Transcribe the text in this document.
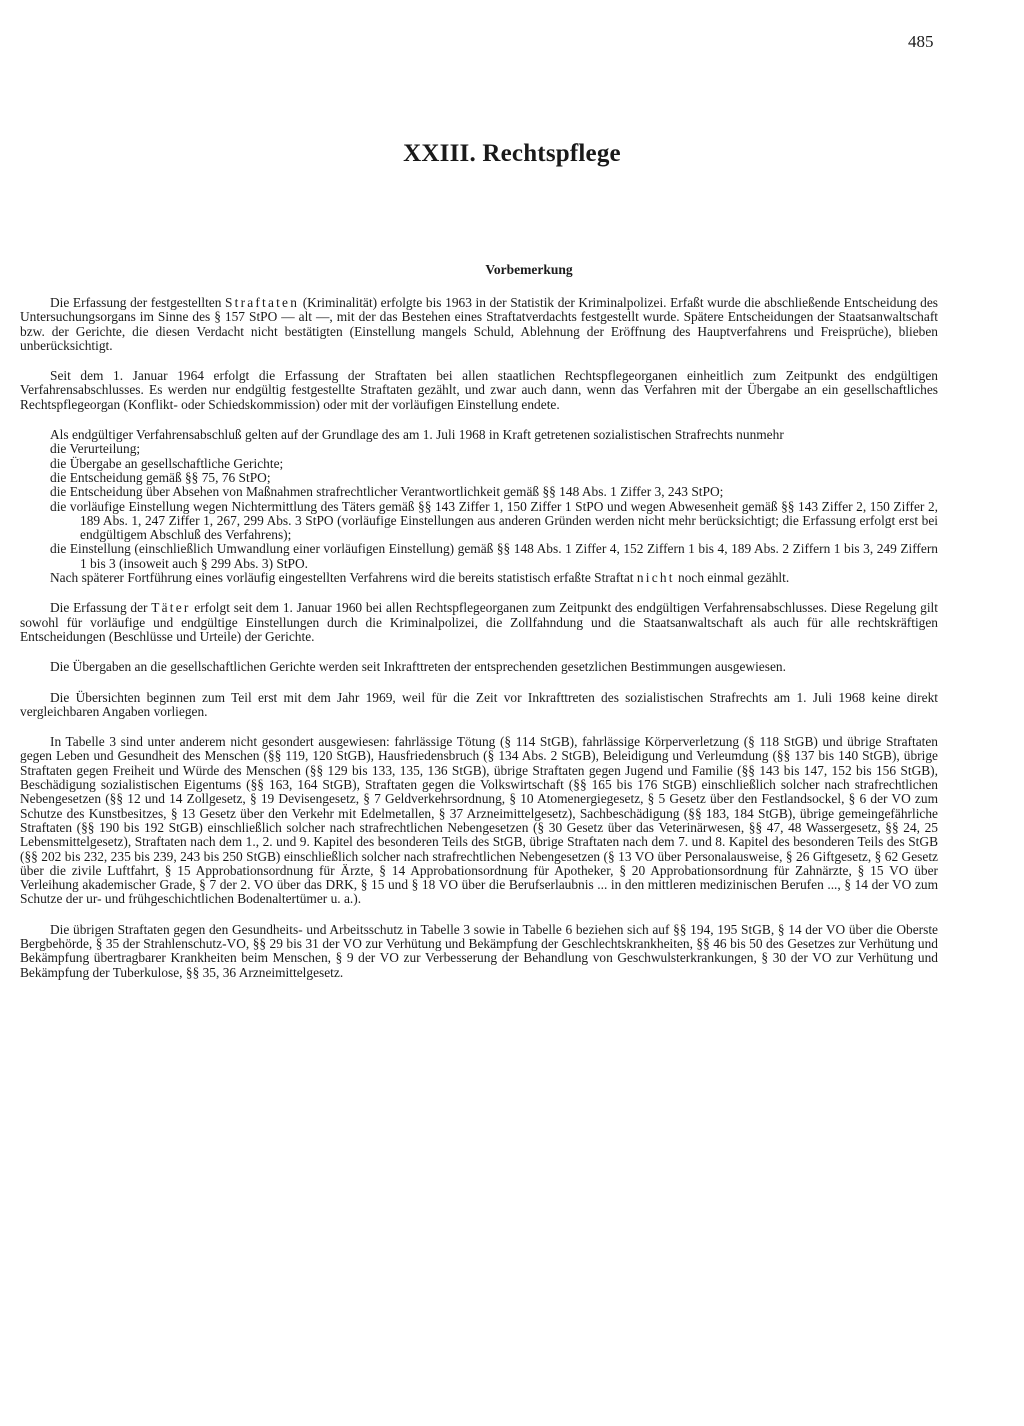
485
XXIII. Rechtspflege
Vorbemerkung

Die Erfassung der festgestellten Straftaten (Kriminalität) erfolgte bis 1963 in der Statistik der Kriminalpolizei. Erfaßt wurde die abschließende Entscheidung des Untersuchungsorgans im Sinne des § 157 StPO — alt —, mit der das Bestehen eines Straftatverdachts festgestellt wurde. Spätere Entscheidungen der Staatsanwaltschaft bzw. der Gerichte, die diesen Verdacht nicht bestätigten (Einstellung mangels Schuld, Ablehnung der Eröffnung des Hauptverfahrens und Freisprüche), blieben unberücksichtigt.

Seit dem 1. Januar 1964 erfolgt die Erfassung der Straftaten bei allen staatlichen Rechtspflegeorganen einheitlich zum Zeitpunkt des endgültigen Verfahrensabschlusses. Es werden nur endgültig festgestellte Straftaten gezählt, und zwar auch dann, wenn das Verfahren mit der Übergabe an ein gesellschaftliches Rechtspflegeorgan (Konflikt- oder Schiedskommission) oder mit der vorläufigen Einstellung endete.

Als endgültiger Verfahrensabschluß gelten auf der Grundlage des am 1. Juli 1968 in Kraft getretenen sozialistischen Strafrechts nunmehr

die Verurteilung;
die Übergabe an gesellschaftliche Gerichte;
die Entscheidung gemäß §§ 75, 76 StPO;
die Entscheidung über Absehen von Maßnahmen strafrechtlicher Verantwortlichkeit gemäß §§ 148 Abs. 1 Ziffer 3, 243 StPO;
die vorläufige Einstellung wegen Nichtermittlung des Täters gemäß §§ 143 Ziffer 1, 150 Ziffer 1 StPO und wegen Abwesenheit gemäß §§ 143 Ziffer 2, 150 Ziffer 2, 189 Abs. 1, 247 Ziffer 1, 267, 299 Abs. 3 StPO (vorläufige Einstellungen aus anderen Gründen werden nicht mehr berücksichtigt; die Erfassung erfolgt erst bei endgültigem Abschluß des Verfahrens);
die Einstellung (einschließlich Umwandlung einer vorläufigen Einstellung) gemäß §§ 148 Abs. 1 Ziffer 4, 152 Ziffern 1 bis 4, 189 Abs. 2 Ziffern 1 bis 3, 249 Ziffern 1 bis 3 (insoweit auch § 299 Abs. 3) StPO.

Nach späterer Fortführung eines vorläufig eingestellten Verfahrens wird die bereits statistisch erfaßte Straftat nicht noch einmal gezählt.

Die Erfassung der Täter erfolgt seit dem 1. Januar 1960 bei allen Rechtspflegeorganen zum Zeitpunkt des endgültigen Verfahrensabschlusses. Diese Regelung gilt sowohl für vorläufige und endgültige Einstellungen durch die Kriminalpolizei, die Zollfahndung und die Staatsanwaltschaft als auch für alle rechtskräftigen Entscheidungen (Beschlüsse und Urteile) der Gerichte.

Die Übergaben an die gesellschaftlichen Gerichte werden seit Inkrafttreten der entsprechenden gesetzlichen Bestimmungen ausgewiesen.

Die Übersichten beginnen zum Teil erst mit dem Jahr 1969, weil für die Zeit vor Inkrafttreten des sozialistischen Strafrechts am 1. Juli 1968 keine direkt vergleichbaren Angaben vorliegen.

In Tabelle 3 sind unter anderem nicht gesondert ausgewiesen: fahrlässige Tötung (§ 114 StGB), fahrlässige Körperverletzung (§ 118 StGB) und übrige Straftaten gegen Leben und Gesundheit des Menschen (§§ 119, 120 StGB), Hausfriedensbruch (§ 134 Abs. 2 StGB), Beleidigung und Verleumdung (§§ 137 bis 140 StGB), übrige Straftaten gegen Freiheit und Würde des Menschen (§§ 129 bis 133, 135, 136 StGB), übrige Straftaten gegen Jugend und Familie (§§ 143 bis 147, 152 bis 156 StGB), Beschädigung sozialistischen Eigentums (§§ 163, 164 StGB), Straftaten gegen die Volkswirtschaft (§§ 165 bis 176 StGB) einschließlich solcher nach strafrechtlichen Nebengesetzen (§§ 12 und 14 Zollgesetz, § 19 Devisengesetz, § 7 Geldverkehrsordnung, § 10 Atomenergiegesetz, § 5 Gesetz über den Festlandsockel, § 6 der VO zum Schutze des Kunstbesitzes, § 13 Gesetz über den Verkehr mit Edelmetallen, § 37 Arzneimittelgesetz), Sachbeschädigung (§§ 183, 184 StGB), übrige gemeingefährliche Straftaten (§§ 190 bis 192 StGB) einschließlich solcher nach strafrechtlichen Nebengesetzen (§ 30 Gesetz über das Veterinärwesen, §§ 47, 48 Wassergesetz, §§ 24, 25 Lebensmittelgesetz), Straftaten nach dem 1., 2. und 9. Kapitel des besonderen Teils des StGB, übrige Straftaten nach dem 7. und 8. Kapitel des besonderen Teils des StGB (§§ 202 bis 232, 235 bis 239, 243 bis 250 StGB) einschließlich solcher nach strafrechtlichen Nebengesetzen (§ 13 VO über Personalausweise, § 26 Giftgesetz, § 62 Gesetz über die zivile Luftfahrt, § 15 Approbationsordnung für Ärzte, § 14 Approbationsordnung für Apotheker, § 20 Approbationsordnung für Zahnärzte, § 15 VO über Verleihung akademischer Grade, § 7 der 2. VO über das DRK, § 15 und § 18 VO über die Berufserlaubnis ... in den mittleren medizinischen Berufen ..., § 14 der VO zum Schutze der ur- und frühgeschichtlichen Bodenaltertümer u. a.).

Die übrigen Straftaten gegen den Gesundheits- und Arbeitsschutz in Tabelle 3 sowie in Tabelle 6 beziehen sich auf §§ 194, 195 StGB, § 14 der VO über die Oberste Bergbehörde, § 35 der Strahlenschutz-VO, §§ 29 bis 31 der VO zur Verhütung und Bekämpfung der Geschlechtskrankheiten, §§ 46 bis 50 des Gesetzes zur Verhütung und Bekämpfung übertragbarer Krankheiten beim Menschen, § 9 der VO zur Verbesserung der Behandlung von Geschwulsterkrankungen, § 30 der VO zur Verhütung und Bekämpfung der Tuberkulose, §§ 35, 36 Arzneimittelgesetz.
